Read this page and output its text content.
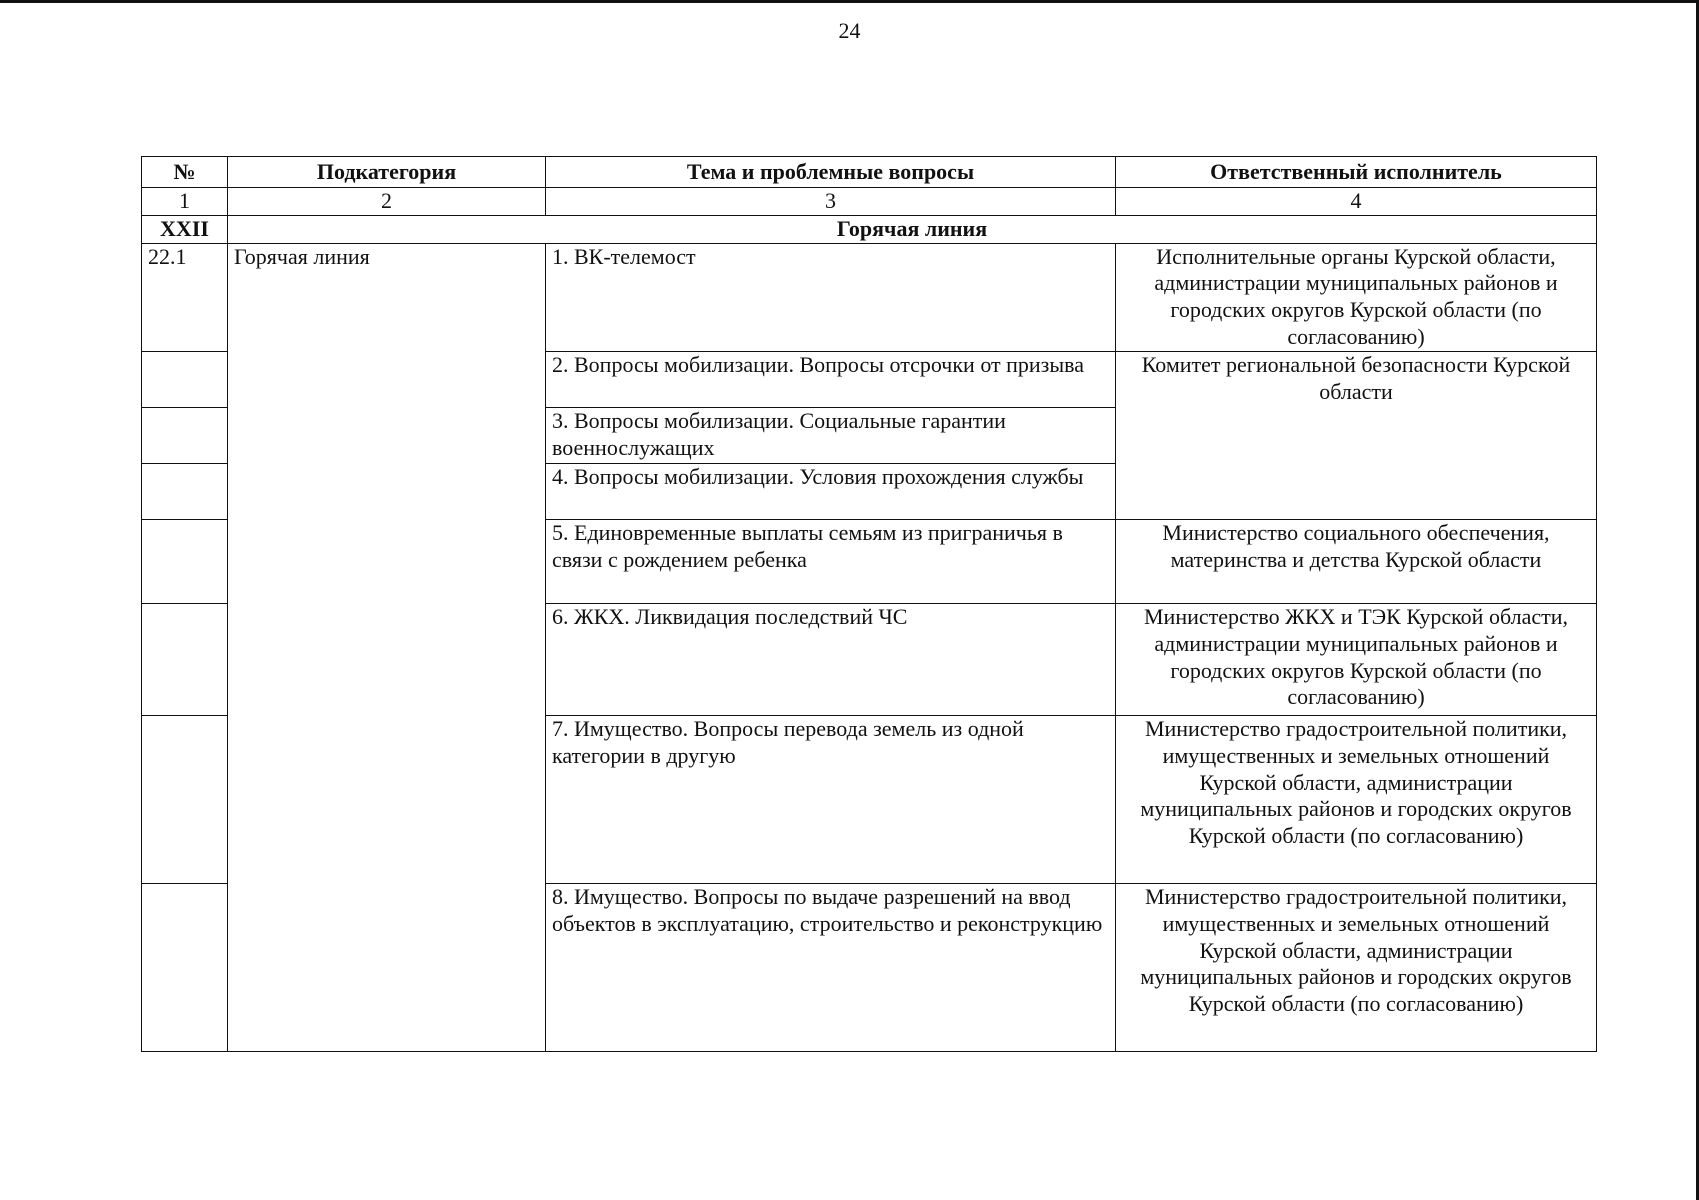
24
№	Подкатегория	Тема и проблемные вопросы	Ответственный исполнитель
1	2	3	4
XXII	Горячая линия		
22.1	Горячая линия	1. ВК-телемост	Исполнительные органы Курской области, администрации муниципальных районов и городских округов Курской области (по согласованию)
		2. Вопросы мобилизации. Вопросы отсрочки от призыва	Комитет региональной безопасности Курской области
		3. Вопросы мобилизации. Социальные гарантии военнослужащих	
		4. Вопросы мобилизации. Условия прохождения службы	
		5. Единовременные выплаты семьям из приграничья в связи с рождением ребенка	Министерство социального обеспечения, материнства и детства Курской области
		6. ЖКХ. Ликвидация последствий ЧС	Министерство ЖКХ и ТЭК Курской области, администрации муниципальных районов и городских округов Курской области (по согласованию)
		7. Имущество. Вопросы перевода земель из одной категории в другую	Министерство градостроительной политики, имущественных и земельных отношений Курской области, администрации муниципальных районов и городских округов Курской области (по согласованию)
		8. Имущество. Вопросы по выдаче разрешений на ввод объектов в эксплуатацию, строительство и реконструкцию	Министерство градостроительной политики, имущественных и земельных отношений Курской области, администрации муниципальных районов и городских округов Курской области (по согласованию)
